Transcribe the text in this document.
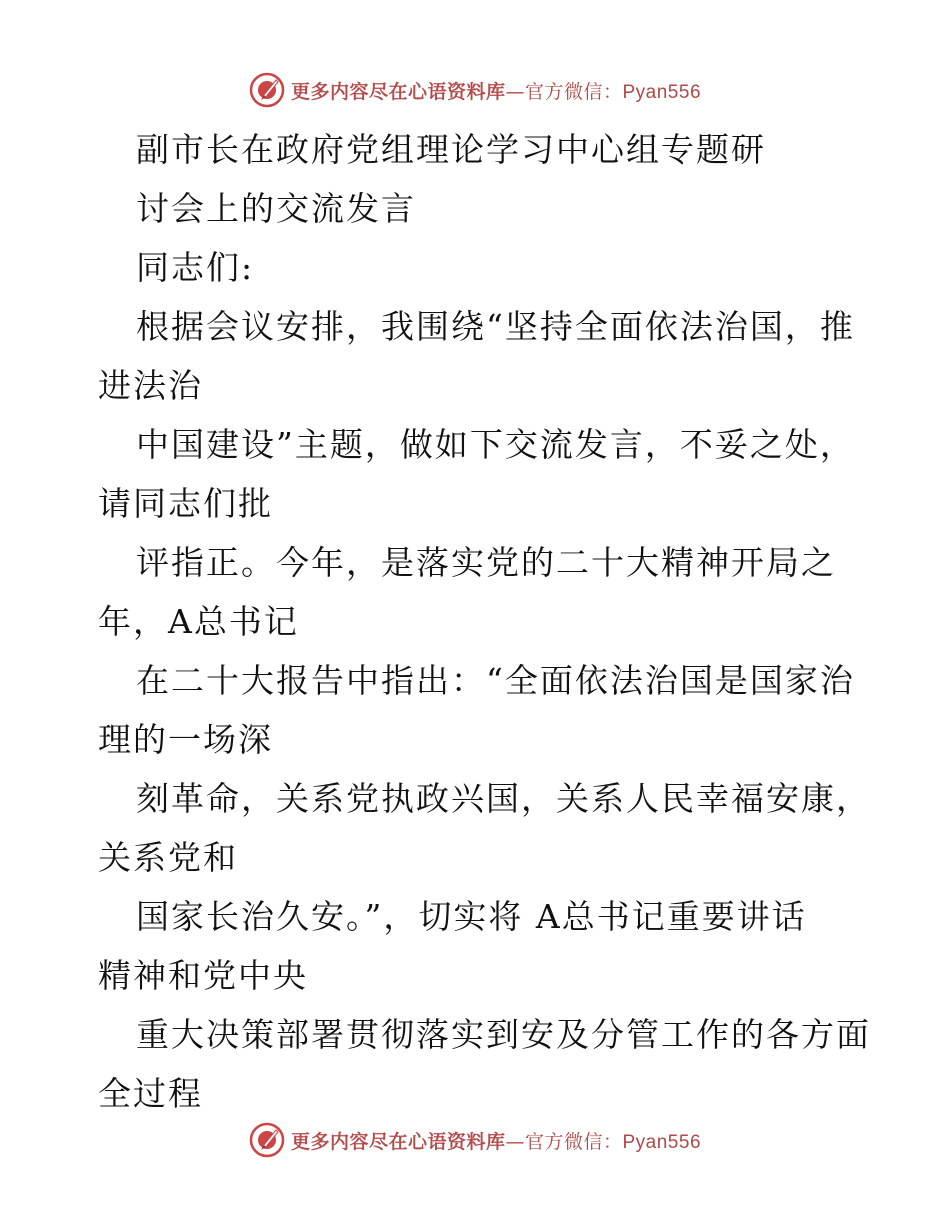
更多内容尽在心语资料库—官方微信：Pyan556
副市长在政府党组理论学习中心组专题研
讨会上的交流发言
同志们:
根据会议安排，我围绕“坚持全面依法治国，推
进法治
中国建设”主题，做如下交流发言，不妥之处，
请同志们批
评指正。今年，是落实党的二十大精神开局之
年，A总书记
在二十大报告中指出：“全面依法治国是国家治
理的一场深
刻革命，关系党执政兴国，关系人民幸福安康，
关系党和
国家长治久安。”，切实将 A总书记重要讲话
精神和党中央
重大决策部署贯彻落实到安及分管工作的各方面
全过程
更多内容尽在心语资料库—官方微信：Pyan556
